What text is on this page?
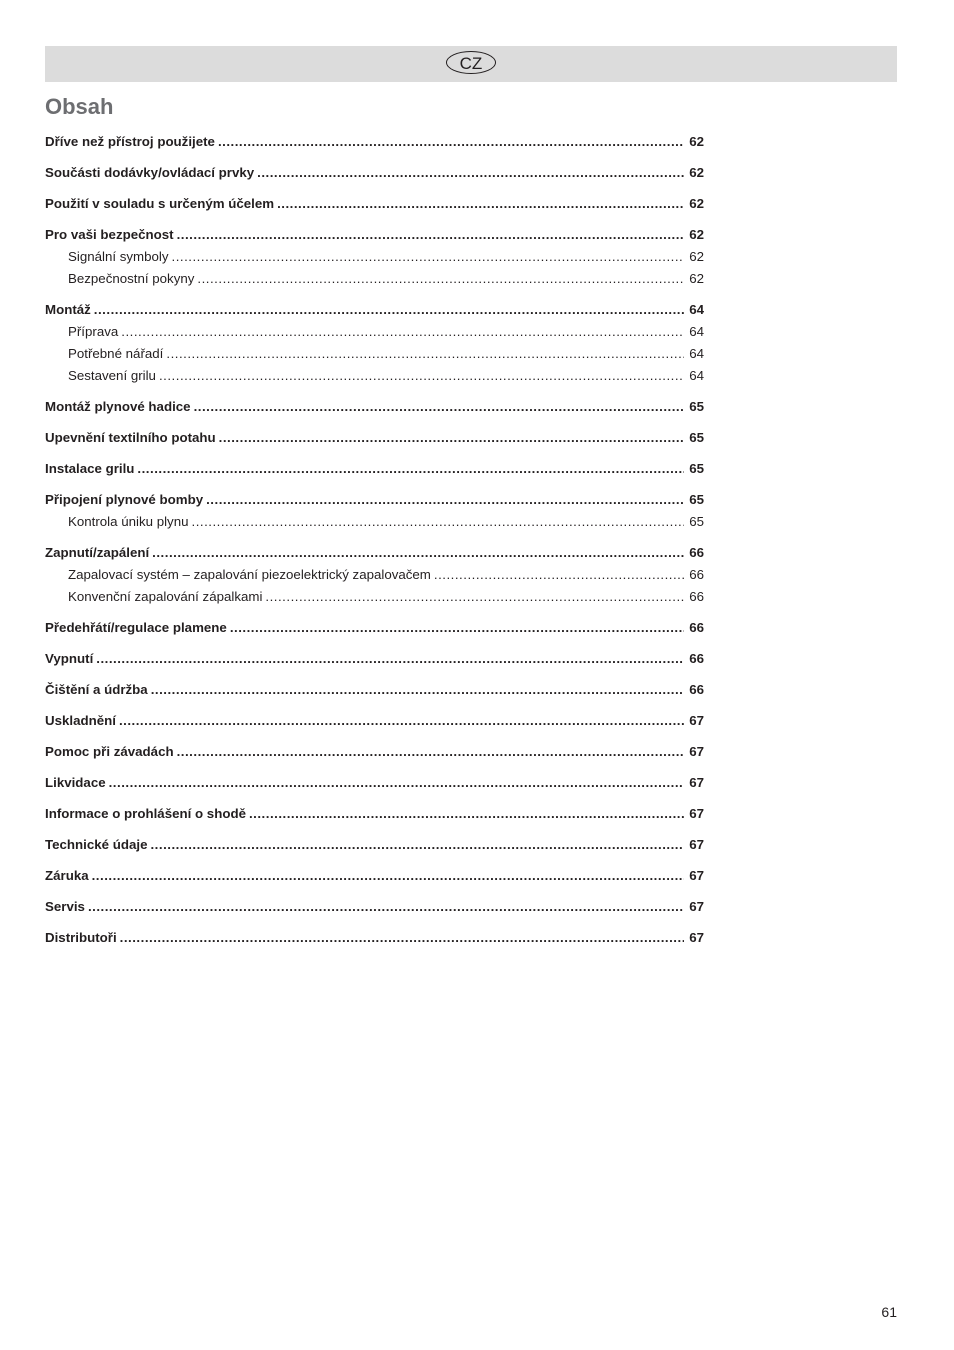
CZ
Obsah
Dříve než přístroj použijete .....	62
Součásti dodávky/ovládací prvky .....	62
Použití v souladu s určeným účelem .....	62
Pro vaši bezpečnost .....	62
Signální symboly .....	62
Bezpečnostní pokyny .....	62
Montáž .....	64
Příprava .....	64
Potřebné nářadí .....	64
Sestavení grilu .....	64
Montáž plynové hadice .....	65
Upevnění textilního potahu .....	65
Instalace grilu .....	65
Připojení plynové bomby .....	65
Kontrola úniku plynu .....	65
Zapnutí/zapálení .....	66
Zapalovací systém – zapalování piezoelektrický zapalovačem .....	66
Konvenční zapalování zápalkami .....	66
Předehřátí/regulace plamene .....	66
Vypnutí .....	66
Čištění a údržba .....	66
Uskladnění .....	67
Pomoc při závadách .....	67
Likvidace .....	67
Informace o prohlášení o shodě .....	67
Technické údaje .....	67
Záruka .....	67
Servis .....	67
Distributoři .....	67
61
